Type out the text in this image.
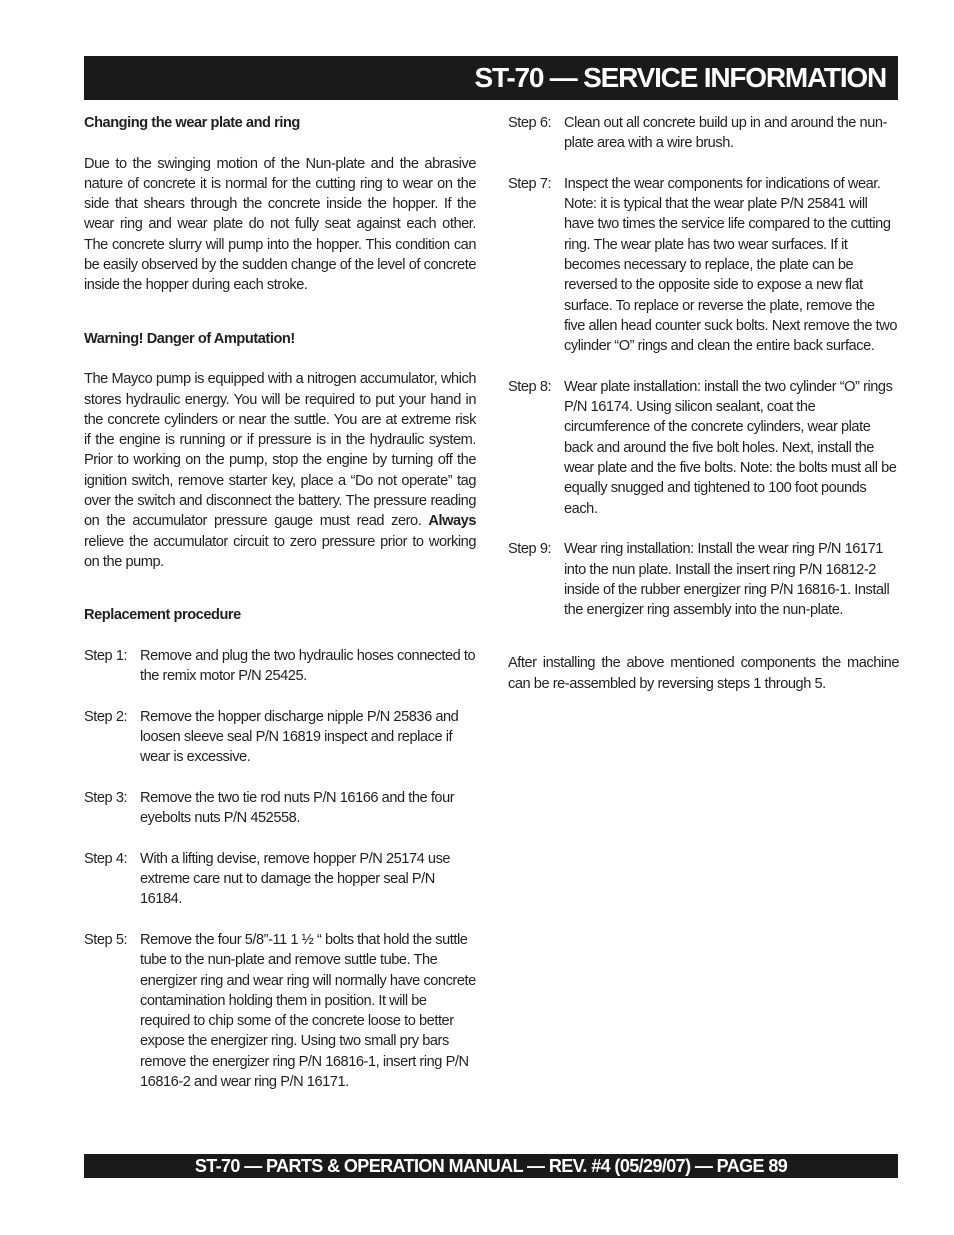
ST-70 — SERVICE INFORMATION

Changing the wear plate and ring

Due to the swinging motion of the Nun-plate and the abrasive nature of concrete it is normal for the cutting ring to wear on the side that shears through the concrete inside the hopper. If the wear ring and wear plate do not fully seat against each other. The concrete slurry will pump into the hopper. This condition can be easily observed by the sudden change of the level of concrete inside the hopper during each stroke.

Warning! Danger of Amputation!

The Mayco pump is equipped with a nitrogen accumulator, which stores hydraulic energy. You will be required to put your hand in the concrete cylinders or near the suttle. You are at extreme risk if the engine is running or if pressure is in the hydraulic system. Prior to working on the pump, stop the engine by turning off the ignition switch, remove starter key, place a “Do not operate” tag over the switch and disconnect the battery. The pressure reading on the accumulator pressure gauge must read zero. Always relieve the accumulator circuit to zero pressure prior to working on the pump.

Replacement procedure

Step 1: Remove and plug the two hydraulic hoses connected to the remix motor P/N 25425.
Step 2: Remove the hopper discharge nipple P/N 25836 and loosen sleeve seal P/N 16819 inspect and replace if wear is excessive.
Step 3: Remove the two tie rod nuts P/N 16166 and the four eyebolts nuts P/N 452558.
Step 4: With a lifting devise, remove hopper P/N 25174 use extreme care nut to damage the hopper seal P/N 16184.
Step 5: Remove the four 5/8”-11 1 ½ “ bolts that hold the suttle tube to the nun-plate and remove suttle tube. The energizer ring and wear ring will normally have concrete contamination holding them in position. It will be required to chip some of the concrete loose to better expose the energizer ring. Using two small pry bars remove the energizer ring P/N 16816-1, insert ring P/N 16816-2 and wear ring P/N 16171.
Step 6: Clean out all concrete build up in and around the nun-plate area with a wire brush.
Step 7: Inspect the wear components for indications of wear. Note: it is typical that the wear plate P/N 25841 will have two times the service life compared to the cutting ring. The wear plate has two wear surfaces. If it becomes necessary to replace, the plate can be reversed to the opposite side to expose a new flat surface. To replace or reverse the plate, remove the five allen head counter suck bolts. Next remove the two cylinder “O” rings and clean the entire back surface.
Step 8: Wear plate installation: install the two cylinder “O” rings P/N 16174. Using silicon sealant, coat the circumference of the concrete cylinders, wear plate back and around the five bolt holes. Next, install the wear plate and the five bolts. Note: the bolts must all be equally snugged and tightened to 100 foot pounds each.
Step 9: Wear ring installation: Install the wear ring P/N 16171 into the nun plate. Install the insert ring P/N 16812-2 inside of the rubber energizer ring P/N 16816-1. Install the energizer ring assembly into the nun-plate.

After installing the above mentioned components the machine can be re-assembled by reversing steps 1 through 5.

ST-70 — PARTS & OPERATION MANUAL — REV. #4 (05/29/07) — PAGE 89
